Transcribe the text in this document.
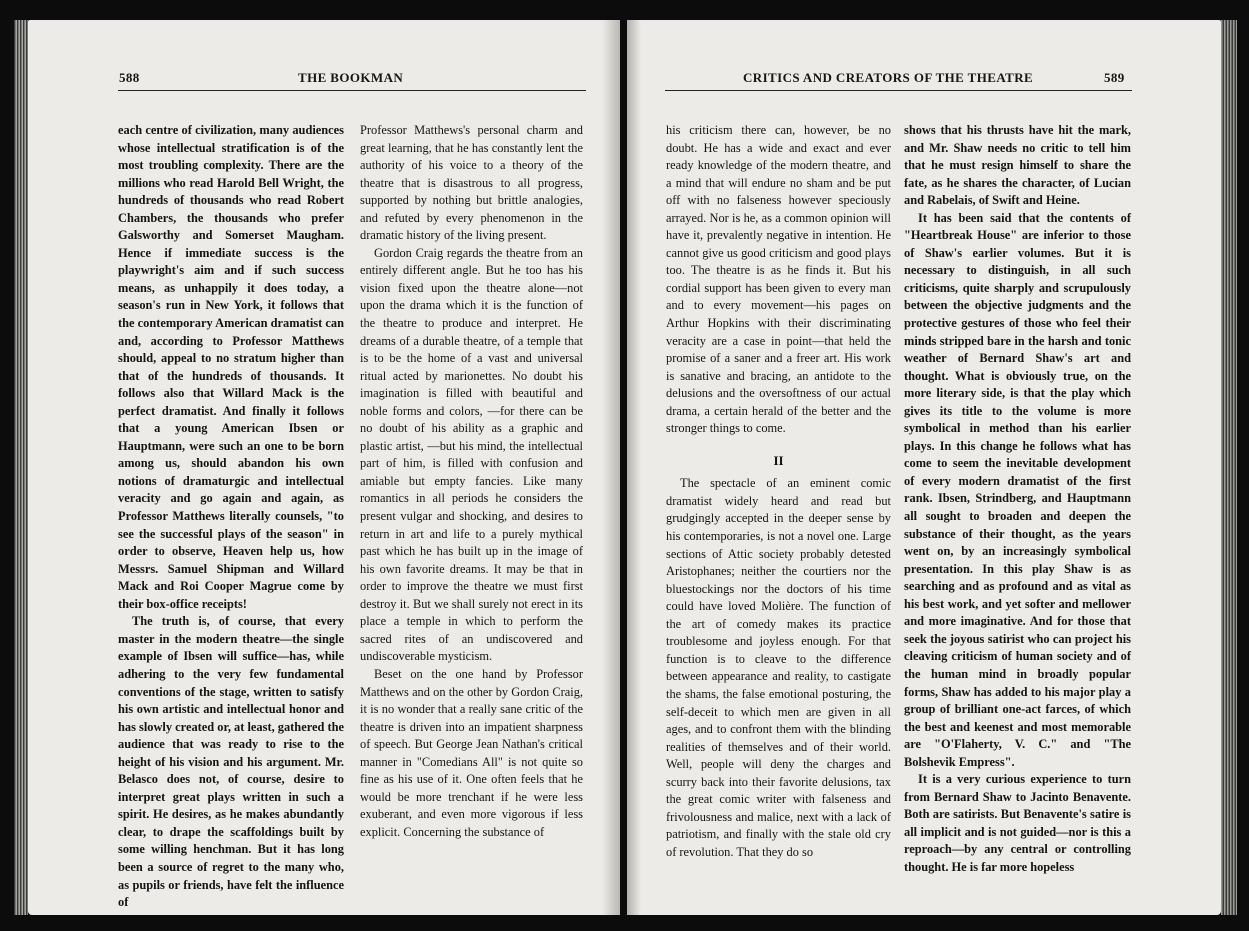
588	THE BOOKMAN

each centre of civilization, many audiences whose intellectual stratification is of the most troubling complexity. There are the millions who read Harold Bell Wright, the hundreds of thousands who read Robert Chambers, the thousands who prefer Galsworthy and Somerset Maugham. Hence if immediate success is the playwright's aim and if such success means, as unhappily it does today, a season's run in New York, it follows that the contemporary American dramatist can and, according to Professor Matthews should, appeal to no stratum higher than that of the hundreds of thousands. It follows also that Willard Mack is the perfect dramatist. And finally it follows that a young American Ibsen or Hauptmann, were such an one to be born among us, should abandon his own notions of dramaturgic and intellectual veracity and go again and again, as Professor Matthews literally counsels, "to see the successful plays of the season" in order to observe, Heaven help us, how Messrs. Samuel Shipman and Willard Mack and Roi Cooper Magrue come by their box-office receipts!

The truth is, of course, that every master in the modern theatre—the single example of Ibsen will suffice—has, while adhering to the very few fundamental conventions of the stage, written to satisfy his own artistic and intellectual honor and has slowly created or, at least, gathered the audience that was ready to rise to the height of his vision and his argument. Mr. Belasco does not, of course, desire to interpret great plays written in such a spirit. He desires, as he makes abundantly clear, to drape the scaffoldings built by some willing henchman. But it has long been a source of regret to the many who, as pupils or friends, have felt the influence of

Professor Matthews's personal charm and great learning, that he has constantly lent the authority of his voice to a theory of the theatre that is disastrous to all progress, supported by nothing but brittle analogies, and refuted by every phenomenon in the dramatic history of the living present.

Gordon Craig regards the theatre from an entirely different angle. But he too has his vision fixed upon the theatre alone—not upon the drama which it is the function of the theatre to produce and interpret. He dreams of a durable theatre, of a temple that is to be the home of a vast and universal ritual acted by marionettes. No doubt his imagination is filled with beautiful and noble forms and colors, —for there can be no doubt of his ability as a graphic and plastic artist, —but his mind, the intellectual part of him, is filled with confusion and amiable but empty fancies. Like many romantics in all periods he considers the present vulgar and shocking, and desires to return in art and life to a purely mythical past which he has built up in the image of his own favorite dreams. It may be that in order to improve the theatre we must first destroy it. But we shall surely not erect in its place a temple in which to perform the sacred rites of an undiscovered and undiscoverable mysticism.

Beset on the one hand by Professor Matthews and on the other by Gordon Craig, it is no wonder that a really sane critic of the theatre is driven into an impatient sharpness of speech. But George Jean Nathan's critical manner in "Comedians All" is not quite so fine as his use of it. One often feels that he would be more trenchant if he were less exuberant, and even more vigorous if less explicit. Concerning the substance of

CRITICS AND CREATORS OF THE THEATRE	589

his criticism there can, however, be no doubt. He has a wide and exact and ever ready knowledge of the modern theatre, and a mind that will endure no sham and be put off with no falseness however speciously arrayed. Nor is he, as a common opinion will have it, prevalently negative in intention. He cannot give us good criticism and good plays too. The theatre is as he finds it. But his cordial support has been given to every man and to every movement—his pages on Arthur Hopkins with their discriminating veracity are a case in point—that held the promise of a saner and a freer art. His work is sanative and bracing, an antidote to the delusions and the oversoftness of our actual drama, a certain herald of the better and the stronger things to come.

II

The spectacle of an eminent comic dramatist widely heard and read but grudgingly accepted in the deeper sense by his contemporaries, is not a novel one. Large sections of Attic society probably detested Aristophanes; neither the courtiers nor the bluestockings nor the doctors of his time could have loved Molière. The function of the art of comedy makes its practice troublesome and joyless enough. For that function is to cleave to the difference between appearance and reality, to castigate the shams, the false emotional posturing, the self-deceit to which men are given in all ages, and to confront them with the blinding realities of themselves and of their world. Well, people will deny the charges and scurry back into their favorite delusions, tax the great comic writer with falseness and frivolousness and malice, next with a lack of patriotism, and finally with the stale old cry of revolution. That they do so

shows that his thrusts have hit the mark, and Mr. Shaw needs no critic to tell him that he must resign himself to share the fate, as he shares the character, of Lucian and Rabelais, of Swift and Heine.

It has been said that the contents of "Heartbreak House" are inferior to those of Shaw's earlier volumes. But it is necessary to distinguish, in all such criticisms, quite sharply and scrupulously between the objective judgments and the protective gestures of those who feel their minds stripped bare in the harsh and tonic weather of Bernard Shaw's art and thought. What is obviously true, on the more literary side, is that the play which gives its title to the volume is more symbolical in method than his earlier plays. In this change he follows what has come to seem the inevitable development of every modern dramatist of the first rank. Ibsen, Strindberg, and Hauptmann all sought to broaden and deepen the substance of their thought, as the years went on, by an increasingly symbolical presentation. In this play Shaw is as searching and as profound and as vital as his best work, and yet softer and mellower and more imaginative. And for those that seek the joyous satirist who can project his cleaving criticism of human society and of the human mind in broadly popular forms, Shaw has added to his major play a group of brilliant one-act farces, of which the best and keenest and most memorable are "O'Flaherty, V. C." and "The Bolshevik Empress".

It is a very curious experience to turn from Bernard Shaw to Jacinto Benavente. Both are satirists. But Benavente's satire is all implicit and is not guided—nor is this a reproach—by any central or controlling thought. He is far more hopeless
